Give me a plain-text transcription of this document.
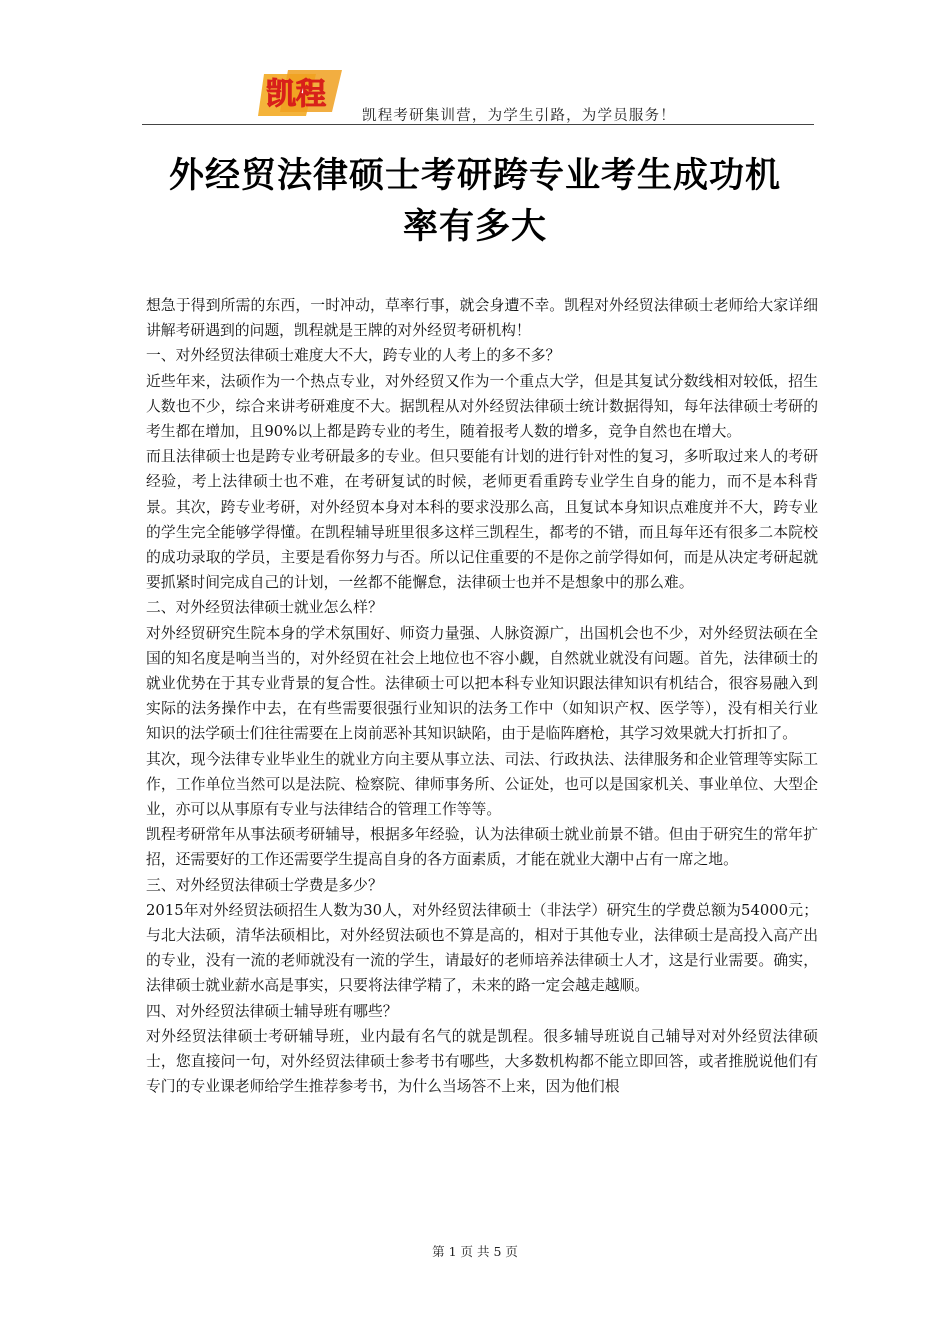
凯程
凯程考研集训营，为学生引路，为学员服务！
外经贸法律硕士考研跨专业考生成功机
率有多大

想急于得到所需的东西，一时冲动，草率行事，就会身遭不幸。凯程对外经贸法律硕士老师给大家详细讲解考研遇到的问题，凯程就是王牌的对外经贸考研机构！

一、对外经贸法律硕士难度大不大，跨专业的人考上的多不多？

近些年来，法硕作为一个热点专业，对外经贸又作为一个重点大学，但是其复试分数线相对较低，招生人数也不少，综合来讲考研难度不大。据凯程从对外经贸法律硕士统计数据得知，每年法律硕士考研的考生都在增加，且90%以上都是跨专业的考生，随着报考人数的增多，竞争自然也在增大。

而且法律硕士也是跨专业考研最多的专业。但只要能有计划的进行针对性的复习，多听取过来人的考研经验，考上法律硕士也不难，在考研复试的时候，老师更看重跨专业学生自身的能力，而不是本科背景。其次，跨专业考研，对外经贸本身对本科的要求没那么高，且复试本身知识点难度并不大，跨专业的学生完全能够学得懂。在凯程辅导班里很多这样三凯程生，都考的不错，而且每年还有很多二本院校的成功录取的学员，主要是看你努力与否。所以记住重要的不是你之前学得如何，而是从决定考研起就要抓紧时间完成自己的计划，一丝都不能懈怠，法律硕士也并不是想象中的那么难。

二、对外经贸法律硕士就业怎么样？

对外经贸研究生院本身的学术氛围好、师资力量强、人脉资源广，出国机会也不少，对外经贸法硕在全国的知名度是响当当的，对外经贸在社会上地位也不容小觑，自然就业就没有问题。首先，法律硕士的就业优势在于其专业背景的复合性。法律硕士可以把本科专业知识跟法律知识有机结合，很容易融入到实际的法务操作中去，在有些需要很强行业知识的法务工作中（如知识产权、医学等），没有相关行业知识的法学硕士们往往需要在上岗前恶补其知识缺陷，由于是临阵磨枪，其学习效果就大打折扣了。

其次，现今法律专业毕业生的就业方向主要从事立法、司法、行政执法、法律服务和企业管理等实际工作，工作单位当然可以是法院、检察院、律师事务所、公证处，也可以是国家机关、事业单位、大型企业，亦可以从事原有专业与法律结合的管理工作等等。

凯程考研常年从事法硕考研辅导，根据多年经验，认为法律硕士就业前景不错。但由于研究生的常年扩招，还需要好的工作还需要学生提高自身的各方面素质，才能在就业大潮中占有一席之地。

三、对外经贸法律硕士学费是多少？

2015年对外经贸法硕招生人数为30人，对外经贸法律硕士（非法学）研究生的学费总额为54000元；与北大法硕，清华法硕相比，对外经贸法硕也不算是高的，相对于其他专业，法律硕士是高投入高产出的专业，没有一流的老师就没有一流的学生，请最好的老师培养法律硕士人才，这是行业需要。确实，法律硕士就业薪水高是事实，只要将法律学精了，未来的路一定会越走越顺。

四、对外经贸法律硕士辅导班有哪些？

对外经贸法律硕士考研辅导班，业内最有名气的就是凯程。很多辅导班说自己辅导对对外经贸法律硕士，您直接问一句，对外经贸法律硕士参考书有哪些，大多数机构都不能立即回答，或者推脱说他们有专门的专业课老师给学生推荐参考书，为什么当场答不上来，因为他们根

第 1 页 共 5 页
